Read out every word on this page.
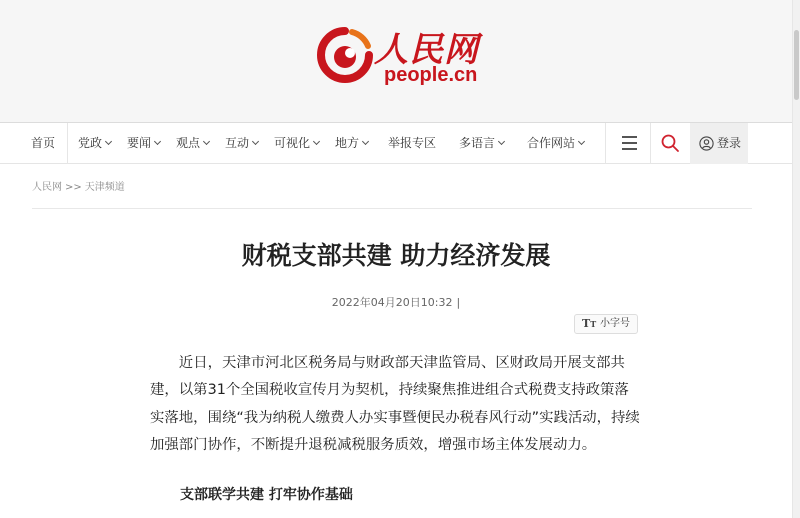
人民网
people.cn
首页 党政	要闻	观点	互动	可视化	地方	举报专区 多语言	合作网站	登录
人民网 >> 天津频道
财税支部共建 助力经济发展
2022年04月20日10:32 |
TT 小字号

近日，天津市河北区税务局与财政部天津监管局、区财政局开展支部共建，以第31个全国税收宣传月为契机，持续聚焦推进组合式税费支持政策落实落地，围绕“我为纳税人缴费人办实事暨便民办税春风行动”实践活动，持续加强部门协作，不断提升退税减税服务质效，增强市场主体发展动力。

支部联学共建 打牢协作基础
